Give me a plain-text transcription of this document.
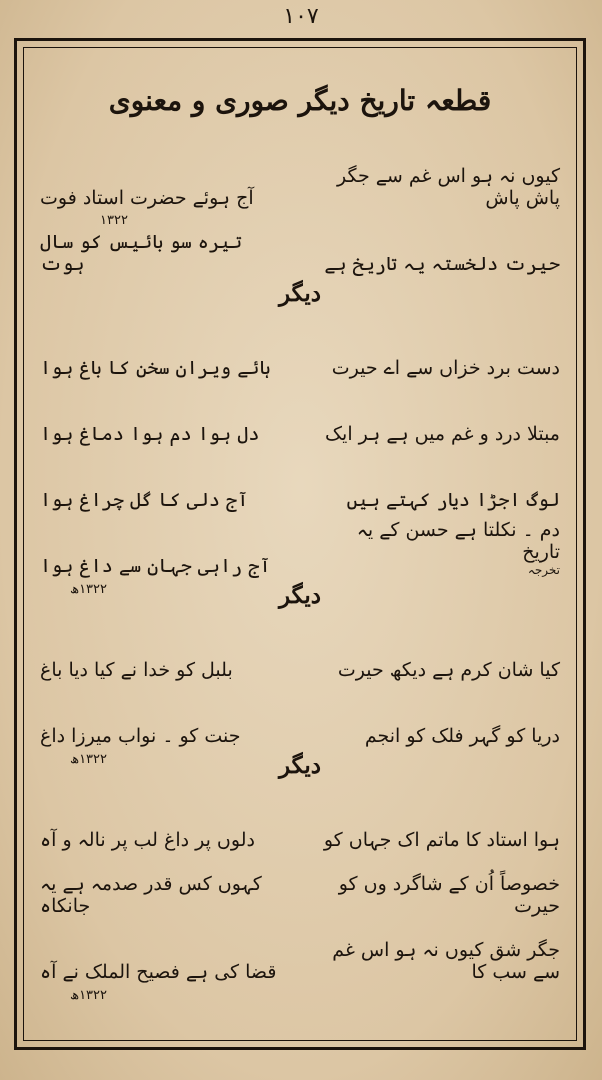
١٠٧
قطعہ تاریخ دیگر صوری و معنوی
کیوں نہ ہو اس غم سے جگر پاش پاش
آج ہوئے حضرت استاد فوت
حیرت دلخستہ یہ تاریخ ہے
۱۳۲۲
تیرہ سو بائیس کو سال ہوت
دیگر
دست برد خزاں سے اے حیرت
ہائے ویران سخن کا باغ ہوا
مبتلا درد و غم میں ہے ہر ایک
دل ہوا دم ہوا دماغ ہوا
لوگ اجڑا دیار کہتے ہیں
آج دلی کا گل چراغ ہوا
دم ۔ نکلتا ہے حسن کے یہ تاریخ
تخرجہ
آج راہی جہان سے داغ ہوا
۱۳۲۲ھ	دیگر
کیا شان کرم ہے دیکھ حیرت
بلبل کو خدا نے کیا دیا باغ
دریا کو گہر فلک کو انجم
جنت کو ۔ نواب میرزا داغ
۱۳۲۲ھ	دیگر
ہوا استاد کا ماتم اک جہاں کو
دلوں پر داغ لب پر نالہ و آہ
خصوصاً اُن کے شاگرد وں کو حیرت
کہوں کس قدر صدمہ ہے یہ جانکاہ
جگر شق کیوں نہ ہو اس غم سے سب کا
قضا کی ہے فصیح الملک نے آہ
۱۳۲۲ھ
